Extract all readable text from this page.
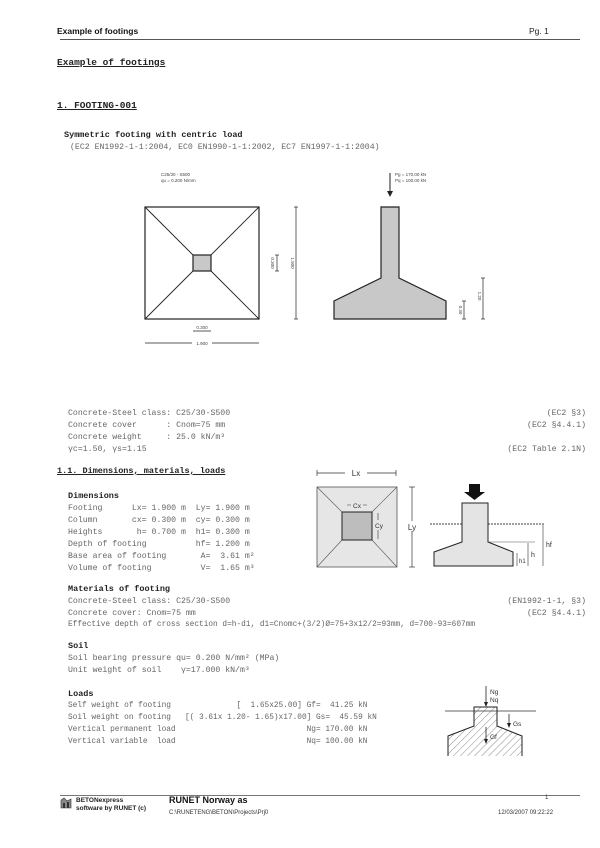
Example of footings	Pg. 1
Example of footings
1. FOOTING-001
Symmetric footing with centric load
(EC2 EN1992-1-1:2004, EC0 EN1990-1-1:2002, EC7 EN1997-1-1:2004)
C25/30 - S500
qu = 0.200 N/mm
0.300	1.900
0.300
1.900
Pg = 170.00 kN
Pq = 100.00 kN
0.30
1.20
Concrete-Steel class: C25/30-S500	(EC2 §3)
Concrete cover      : Cnom=75 mm	(EC2 §4.4.1)
Concrete weight     : 25.0 kN/m³
γc=1.50, γs=1.15	(EC2 Table 2.1N)
1.1. Dimensions, materials, loads	Lx
Cx
Cy	Ly
h
h1
hf
Dimensions
Footing      Lx= 1.900 m  Ly= 1.900 m
Column       cx= 0.300 m  cy= 0.300 m
Heights       h= 0.700 m  h1= 0.300 m
Depth of footing          hf= 1.200 m
Base area of footing       A=  3.61 m²
Volume of footing          V=  1.65 m³
Materials of footing
Concrete-Steel class: C25/30-S500	(EN1992-1-1, §3)
Concrete cover: Cnom=75 mm	(EC2 §4.4.1)
Effective depth of cross section d=h-d1, d1=Cnomc+(3/2)Ø=75+3x12/2=93mm, d=700-93=607mm
Soil
Soil bearing pressure qu= 0.200 N/mm² (MPa)
Unit weight of soil    γ=17.000 kN/m³
Loads
Self weight of footing              [  1.65x25.00] Gf=  41.25 kN
Soil weight on footing   [( 3.61x 1.20- 1.65)x17.00] Gs=  45.59 kN
Vertical permanent load                            Ng= 170.00 kN
Vertical variable  load                            Nq= 100.00 kN
Ng
Nq
Gs
Gf
BETONexpress
software by RUNET (c)
RUNET Norway as
C:\RUNETENG\BETON\Projects\Prj0
1
12/03/2007 09:22:22
